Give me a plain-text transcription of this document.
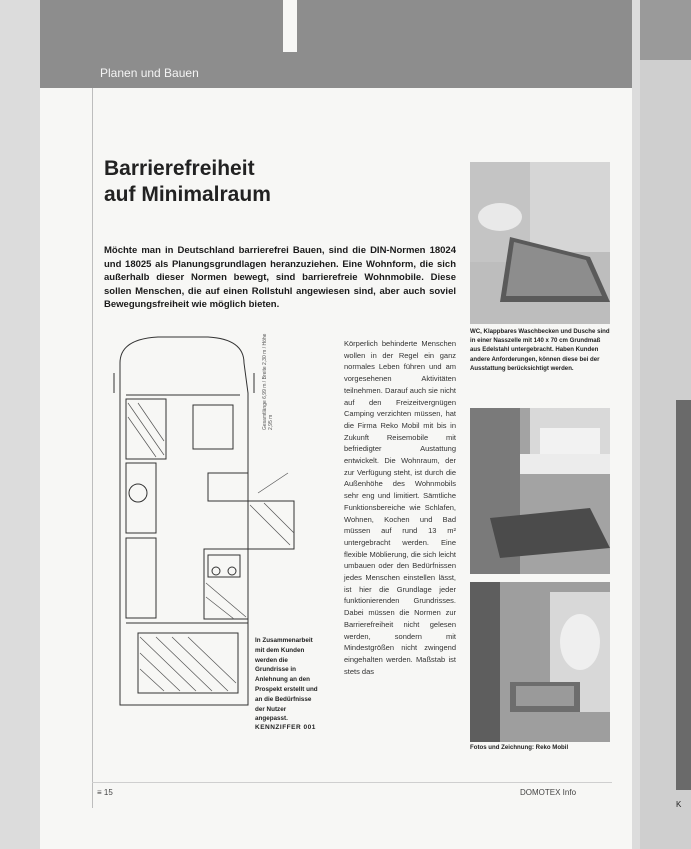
K
Planen und Bauen
Barrierefreiheit
auf Minimalraum
Möchte man in Deutschland barrierefrei Bauen, sind die DIN-Normen 18024 und 18025 als Planungsgrundlagen heranzuziehen. Eine Wohnform, die sich außerhalb dieser Normen bewegt, sind barrierefreie Wohnmobile. Diese sollen Menschen, die auf einen Rollstuhl angewiesen sind, aber auch soviel Bewegungsfreiheit wie möglich bieten.
Gesamtlänge 6,99 m / Breite 2,30 m / Höhe 2,95 m
In Zusammenarbeit mit dem Kunden werden die Grundrisse in Anlehnung an den Prospekt erstellt und an die Bedürfnisse der Nutzer angepasst.
KENNZIFFER 001
Körperlich behinderte Menschen wollen in der Regel ein ganz normales Leben führen und am vorgesehenen Aktivitäten teilnehmen. Darauf auch sie nicht auf den Freizeitvergnügen Camping verzichten müssen, hat die Firma Reko Mobil mit bis in Zukunft Reisemobile mit befriedigter Austattung entwickelt. Die Wohnraum, der zur Verfügung steht, ist durch die Außenhöhe des Wohnmobils sehr eng und limitiert. Sämtliche Funktionsbereiche wie Schlafen, Wohnen, Kochen und Bad müssen auf rund 13 m² untergebracht werden. Eine flexible Möblierung, die sich leicht umbauen oder den Bedürfnissen jedes Menschen einstellen lässt, ist hier die Grundlage jeder funktionierenden Grundrisses. Dabei müssen die Normen zur Barrierefreiheit nicht gelesen werden, sondern mit Mindestgrößen nicht zwingend eingehalten werden. Maßstab ist stets das
WC, Klappbares Waschbecken und Dusche sind in einer Nasszelle mit 140 x 70 cm Grundmaß aus Edelstahl untergebracht. Haben Kunden andere Anforderungen, können diese bei der Ausstattung berücksichtigt werden.
Fotos und Zeichnung: Reko Mobil
≡ 15	DOMOTEX Info
